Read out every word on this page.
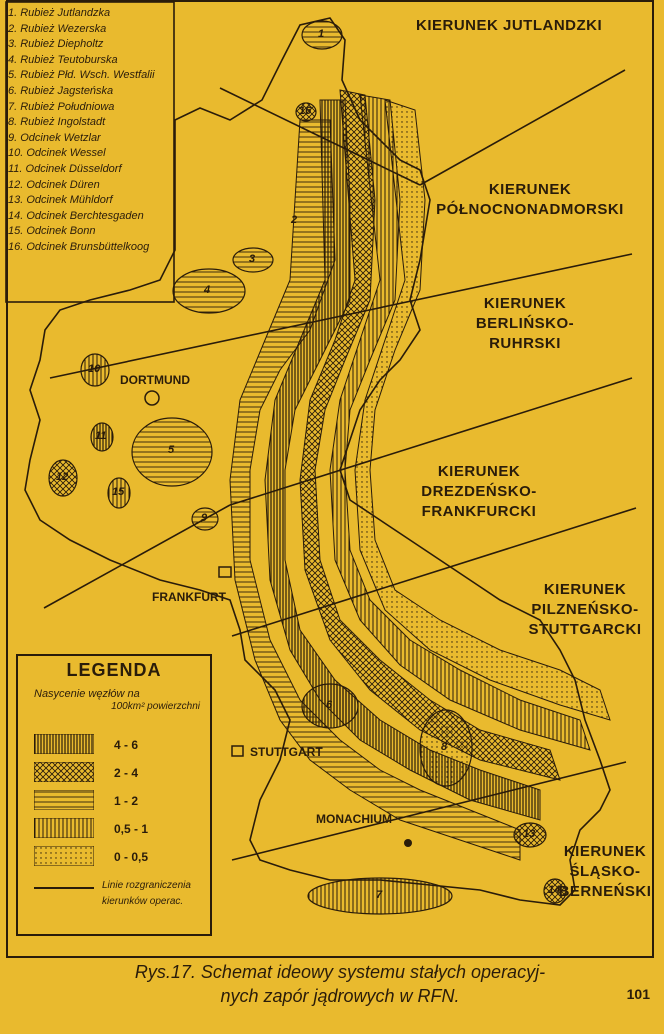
1. Rubież Jutlandzka
2. Rubież Wezerska
3. Rubież Diepholtz
4. Rubież Teutoburska
5. Rubież Płd. Wsch. Westfalii
6. Rubież Jagsteńska
7. Rubież Południowa
8. Rubież Ingolstadt
9. Odcinek Wetzlar
10. Odcinek Wessel
11. Odcinek Düsseldorf
12. Odcinek Düren
13. Odcinek Mühldorf
14. Odcinek Berchtesgaden
15. Odcinek Bonn
16. Odcinek Brunsbüttelkoog
KIERUNEK JUTLANDZKI
KIERUNEK
PÓŁNOCNONADMORSKI
KIERUNEK
BERLIŃSKO-
RUHRSKI
KIERUNEK
DREZDEŃSKO-
FRANKFURCKI
KIERUNEK
PILZNEŃSKO-
STUTTGARCKI
KIERUNEK
ŚLĄSKO-
BERNEŃSKI
DORTMUND
FRANKFURT
STUTTGART
MONACHIUM
1
2
3
4
5
6
7
8
9
10
11
12
13
14
15
16
LEGENDA
Nasycenie węzłów na
100km² powierzchni
4 - 6
2 - 4
1 - 2
0,5 - 1
0 - 0,5
Linie rozgraniczenia
kierunków operac.
Rys.17. Schemat ideowy systemu stałych operacyj-
nych zapór jądrowych w RFN.	101
